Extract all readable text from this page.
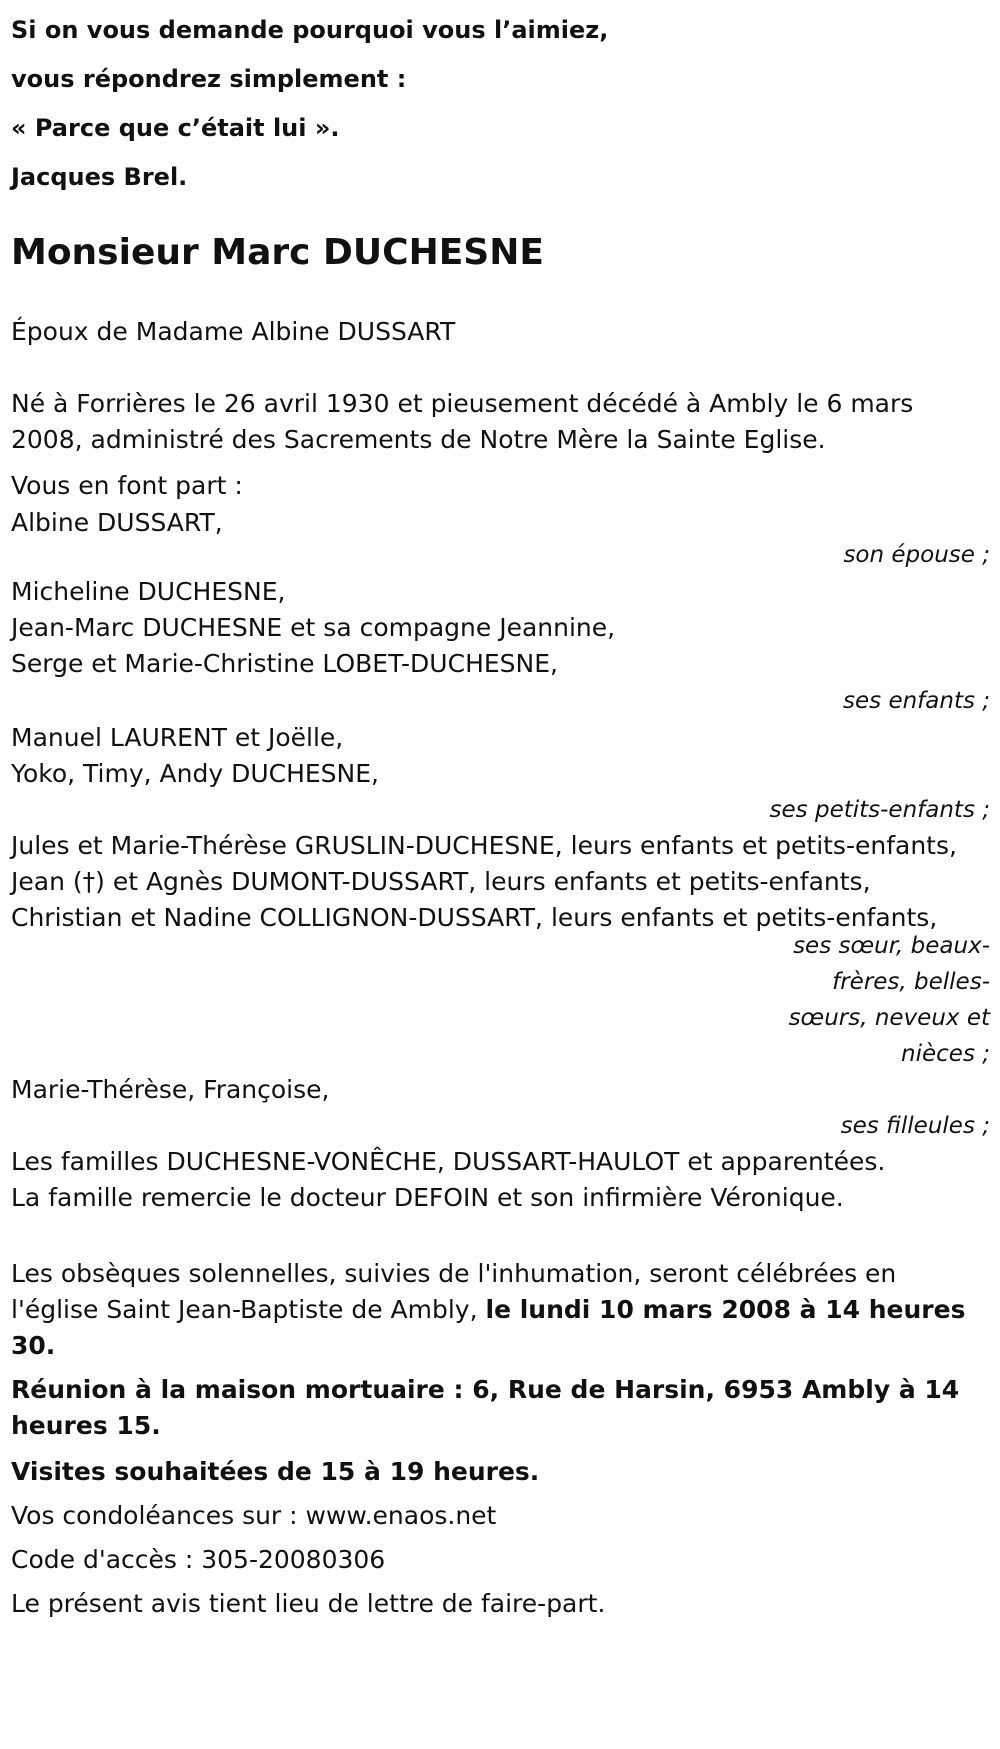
Si on vous demande pourquoi vous l’aimiez,
vous répondrez simplement :
« Parce que c’était lui ».
Jacques Brel.
Monsieur Marc DUCHESNE
Époux de Madame Albine DUSSART
Né à Forrières le 26 avril 1930 et pieusement décédé à Ambly le 6 mars 2008, administré des Sacrements de Notre Mère la Sainte Eglise.
Vous en font part :
Albine DUSSART,
son épouse ;
Micheline DUCHESNE,
Jean-Marc DUCHESNE et sa compagne Jeannine,
Serge et Marie-Christine LOBET-DUCHESNE,
ses enfants ;
Manuel LAURENT et Joëlle,
Yoko, Timy, Andy DUCHESNE,
ses petits-enfants ;
Jules et Marie-Thérèse GRUSLIN-DUCHESNE, leurs enfants et petits-enfants,
Jean (†) et Agnès DUMONT-DUSSART, leurs enfants et petits-enfants,
Christian et Nadine COLLIGNON-DUSSART, leurs enfants et petits-enfants,
ses sœur, beaux-frères, belles-sœurs, neveux et nièces ;
Marie-Thérèse, Françoise,
ses filleules ;
Les familles DUCHESNE-VONÊCHE, DUSSART-HAULOT et apparentées.
La famille remercie le docteur DEFOIN et son infirmière Véronique.
Les obsèques solennelles, suivies de l'inhumation, seront célébrées en l'église Saint Jean-Baptiste de Ambly, le lundi 10 mars 2008 à 14 heures 30.
Réunion à la maison mortuaire : 6, Rue de Harsin, 6953 Ambly à 14 heures 15.
Visites souhaitées de 15 à 19 heures.
Vos condoléances sur : www.enaos.net
Code d'accès : 305-20080306
Le présent avis tient lieu de lettre de faire-part.
